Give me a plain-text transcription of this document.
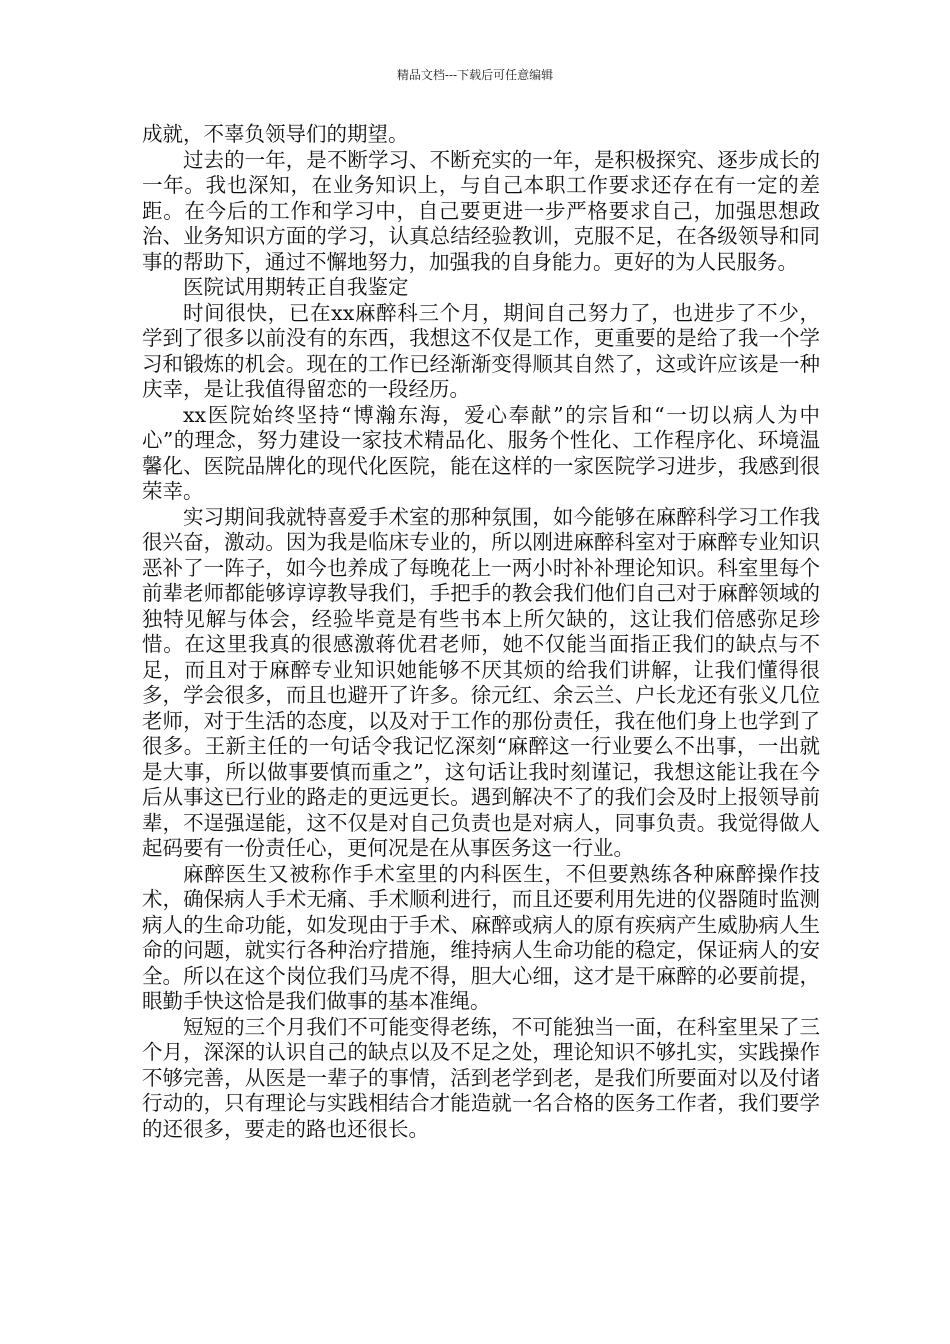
精品文档---下载后可任意编辑

成就，不辜负领导们的期望。

过去的一年，是不断学习、不断充实的一年，是积极探究、逐步成长的一年。我也深知，在业务知识上，与自己本职工作要求还存在有一定的差距。在今后的工作和学习中，自己要更进一步严格要求自己，加强思想政治、业务知识方面的学习，认真总结经验教训，克服不足，在各级领导和同事的帮助下，通过不懈地努力，加强我的自身能力。更好的为人民服务。

医院试用期转正自我鉴定

时间很快，已在xx麻醉科三个月，期间自己努力了，也进步了不少，学到了很多以前没有的东西，我想这不仅是工作，更重要的是给了我一个学习和锻炼的机会。现在的工作已经渐渐变得顺其自然了，这或许应该是一种庆幸，是让我值得留恋的一段经历。

xx医院始终坚持“博瀚东海，爱心奉献”的宗旨和“一切以病人为中心”的理念，努力建设一家技术精品化、服务个性化、工作程序化、环境温馨化、医院品牌化的现代化医院，能在这样的一家医院学习进步，我感到很荣幸。

实习期间我就特喜爱手术室的那种氛围，如今能够在麻醉科学习工作我很兴奋，激动。因为我是临床专业的，所以刚进麻醉科室对于麻醉专业知识恶补了一阵子，如今也养成了每晚花上一两小时补补理论知识。科室里每个前辈老师都能够谆谆教导我们，手把手的教会我们他们自己对于麻醉领域的独特见解与体会，经验毕竟是有些书本上所欠缺的，这让我们倍感弥足珍惜。在这里我真的很感激蒋优君老师，她不仅能当面指正我们的缺点与不足，而且对于麻醉专业知识她能够不厌其烦的给我们讲解，让我们懂得很多，学会很多，而且也避开了许多。徐元红、余云兰、户长龙还有张义几位老师，对于生活的态度，以及对于工作的那份责任，我在他们身上也学到了很多。王新主任的一句话令我记忆深刻“麻醉这一行业要么不出事，一出就是大事，所以做事要慎而重之”，这句话让我时刻谨记，我想这能让我在今后从事这已行业的路走的更远更长。遇到解决不了的我们会及时上报领导前辈，不逞强逞能，这不仅是对自己负责也是对病人，同事负责。我觉得做人起码要有一份责任心，更何况是在从事医务这一行业。

麻醉医生又被称作手术室里的内科医生，不但要熟练各种麻醉操作技术，确保病人手术无痛、手术顺利进行，而且还要利用先进的仪器随时监测病人的生命功能，如发现由于手术、麻醉或病人的原有疾病产生威胁病人生命的问题，就实行各种治疗措施，维持病人生命功能的稳定，保证病人的安全。所以在这个岗位我们马虎不得，胆大心细，这才是干麻醉的必要前提，眼勤手快这恰是我们做事的基本准绳。

短短的三个月我们不可能变得老练，不可能独当一面，在科室里呆了三个月，深深的认识自己的缺点以及不足之处，理论知识不够扎实，实践操作不够完善，从医是一辈子的事情，活到老学到老，是我们所要面对以及付诸行动的，只有理论与实践相结合才能造就一名合格的医务工作者，我们要学的还很多，要走的路也还很长。
